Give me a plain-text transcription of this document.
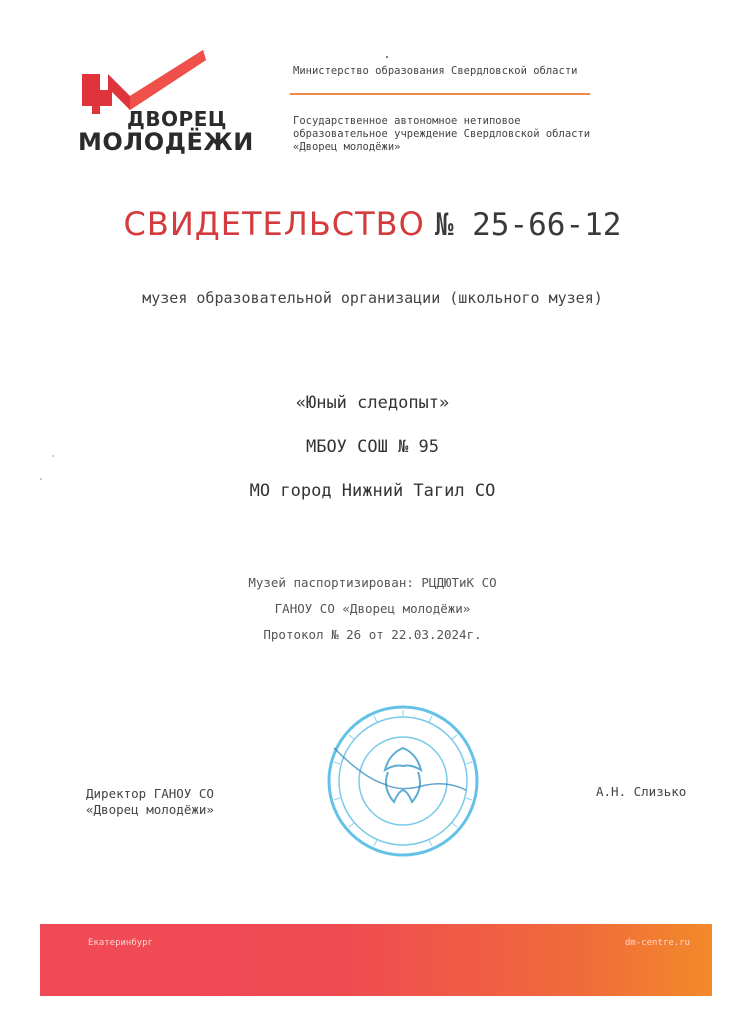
ДВОРЕЦ
МОЛОДЁЖИ
Министерство образования Свердловской области
Государственное автономное нетиповое
образовательное учреждение Свердловской области
«Дворец молодёжи»
СВИДЕТЕЛЬСТВО № 25-66-12
музея образовательной организации (школьного музея)
«Юный следопыт»
МБОУ СОШ № 95
МО город Нижний Тагил СО
Музей паспортизирован: РЦДЮТиК СО
ГАНОУ СО «Дворец молодёжи»
Протокол № 26 от 22.03.2024г.
Директор ГАНОУ СО
«Дворец молодёжи»
А.Н. Слизько
Екатеринбург	dm-centre.ru
